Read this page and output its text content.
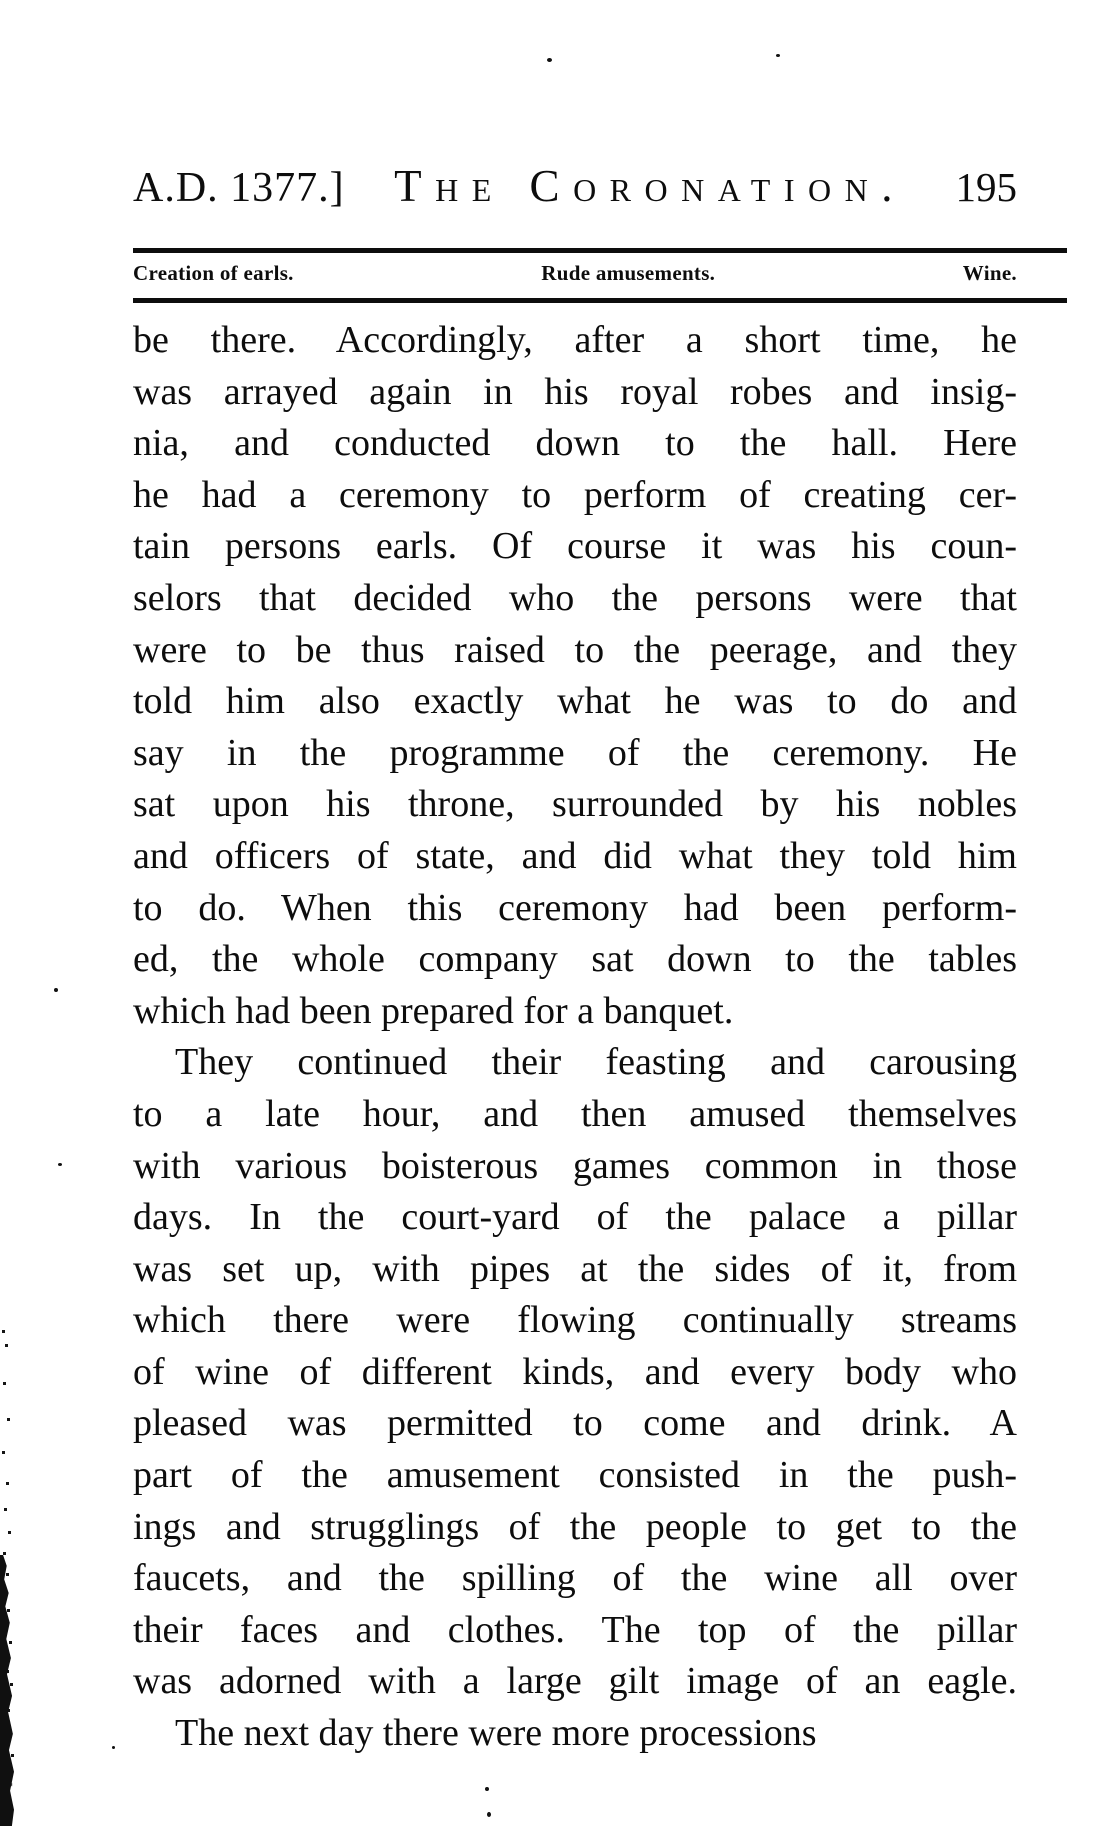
A.D. 1377.]	The Coronation.	195
Creation of earls.	Rude amusements.	Wine.
be there. Accordingly, after a short time, he
was arrayed again in his royal robes and insig-
nia, and conducted down to the hall. Here
he had a ceremony to perform of creating cer-
tain persons earls. Of course it was his coun-
selors that decided who the persons were that
were to be thus raised to the peerage, and they
told him also exactly what he was to do and
say in the programme of the ceremony. He
sat upon his throne, surrounded by his nobles
and officers of state, and did what they told him
to do. When this ceremony had been perform-
ed, the whole company sat down to the tables
which had been prepared for a banquet.
They continued their feasting and carousing
to a late hour, and then amused themselves
with various boisterous games common in those
days. In the court-yard of the palace a pillar
was set up, with pipes at the sides of it, from
which there were flowing continually streams
of wine of different kinds, and every body who
pleased was permitted to come and drink. A
part of the amusement consisted in the push-
ings and strugglings of the people to get to the
faucets, and the spilling of the wine all over
their faces and clothes. The top of the pillar
was adorned with a large gilt image of an eagle.
The next day there were more processions
